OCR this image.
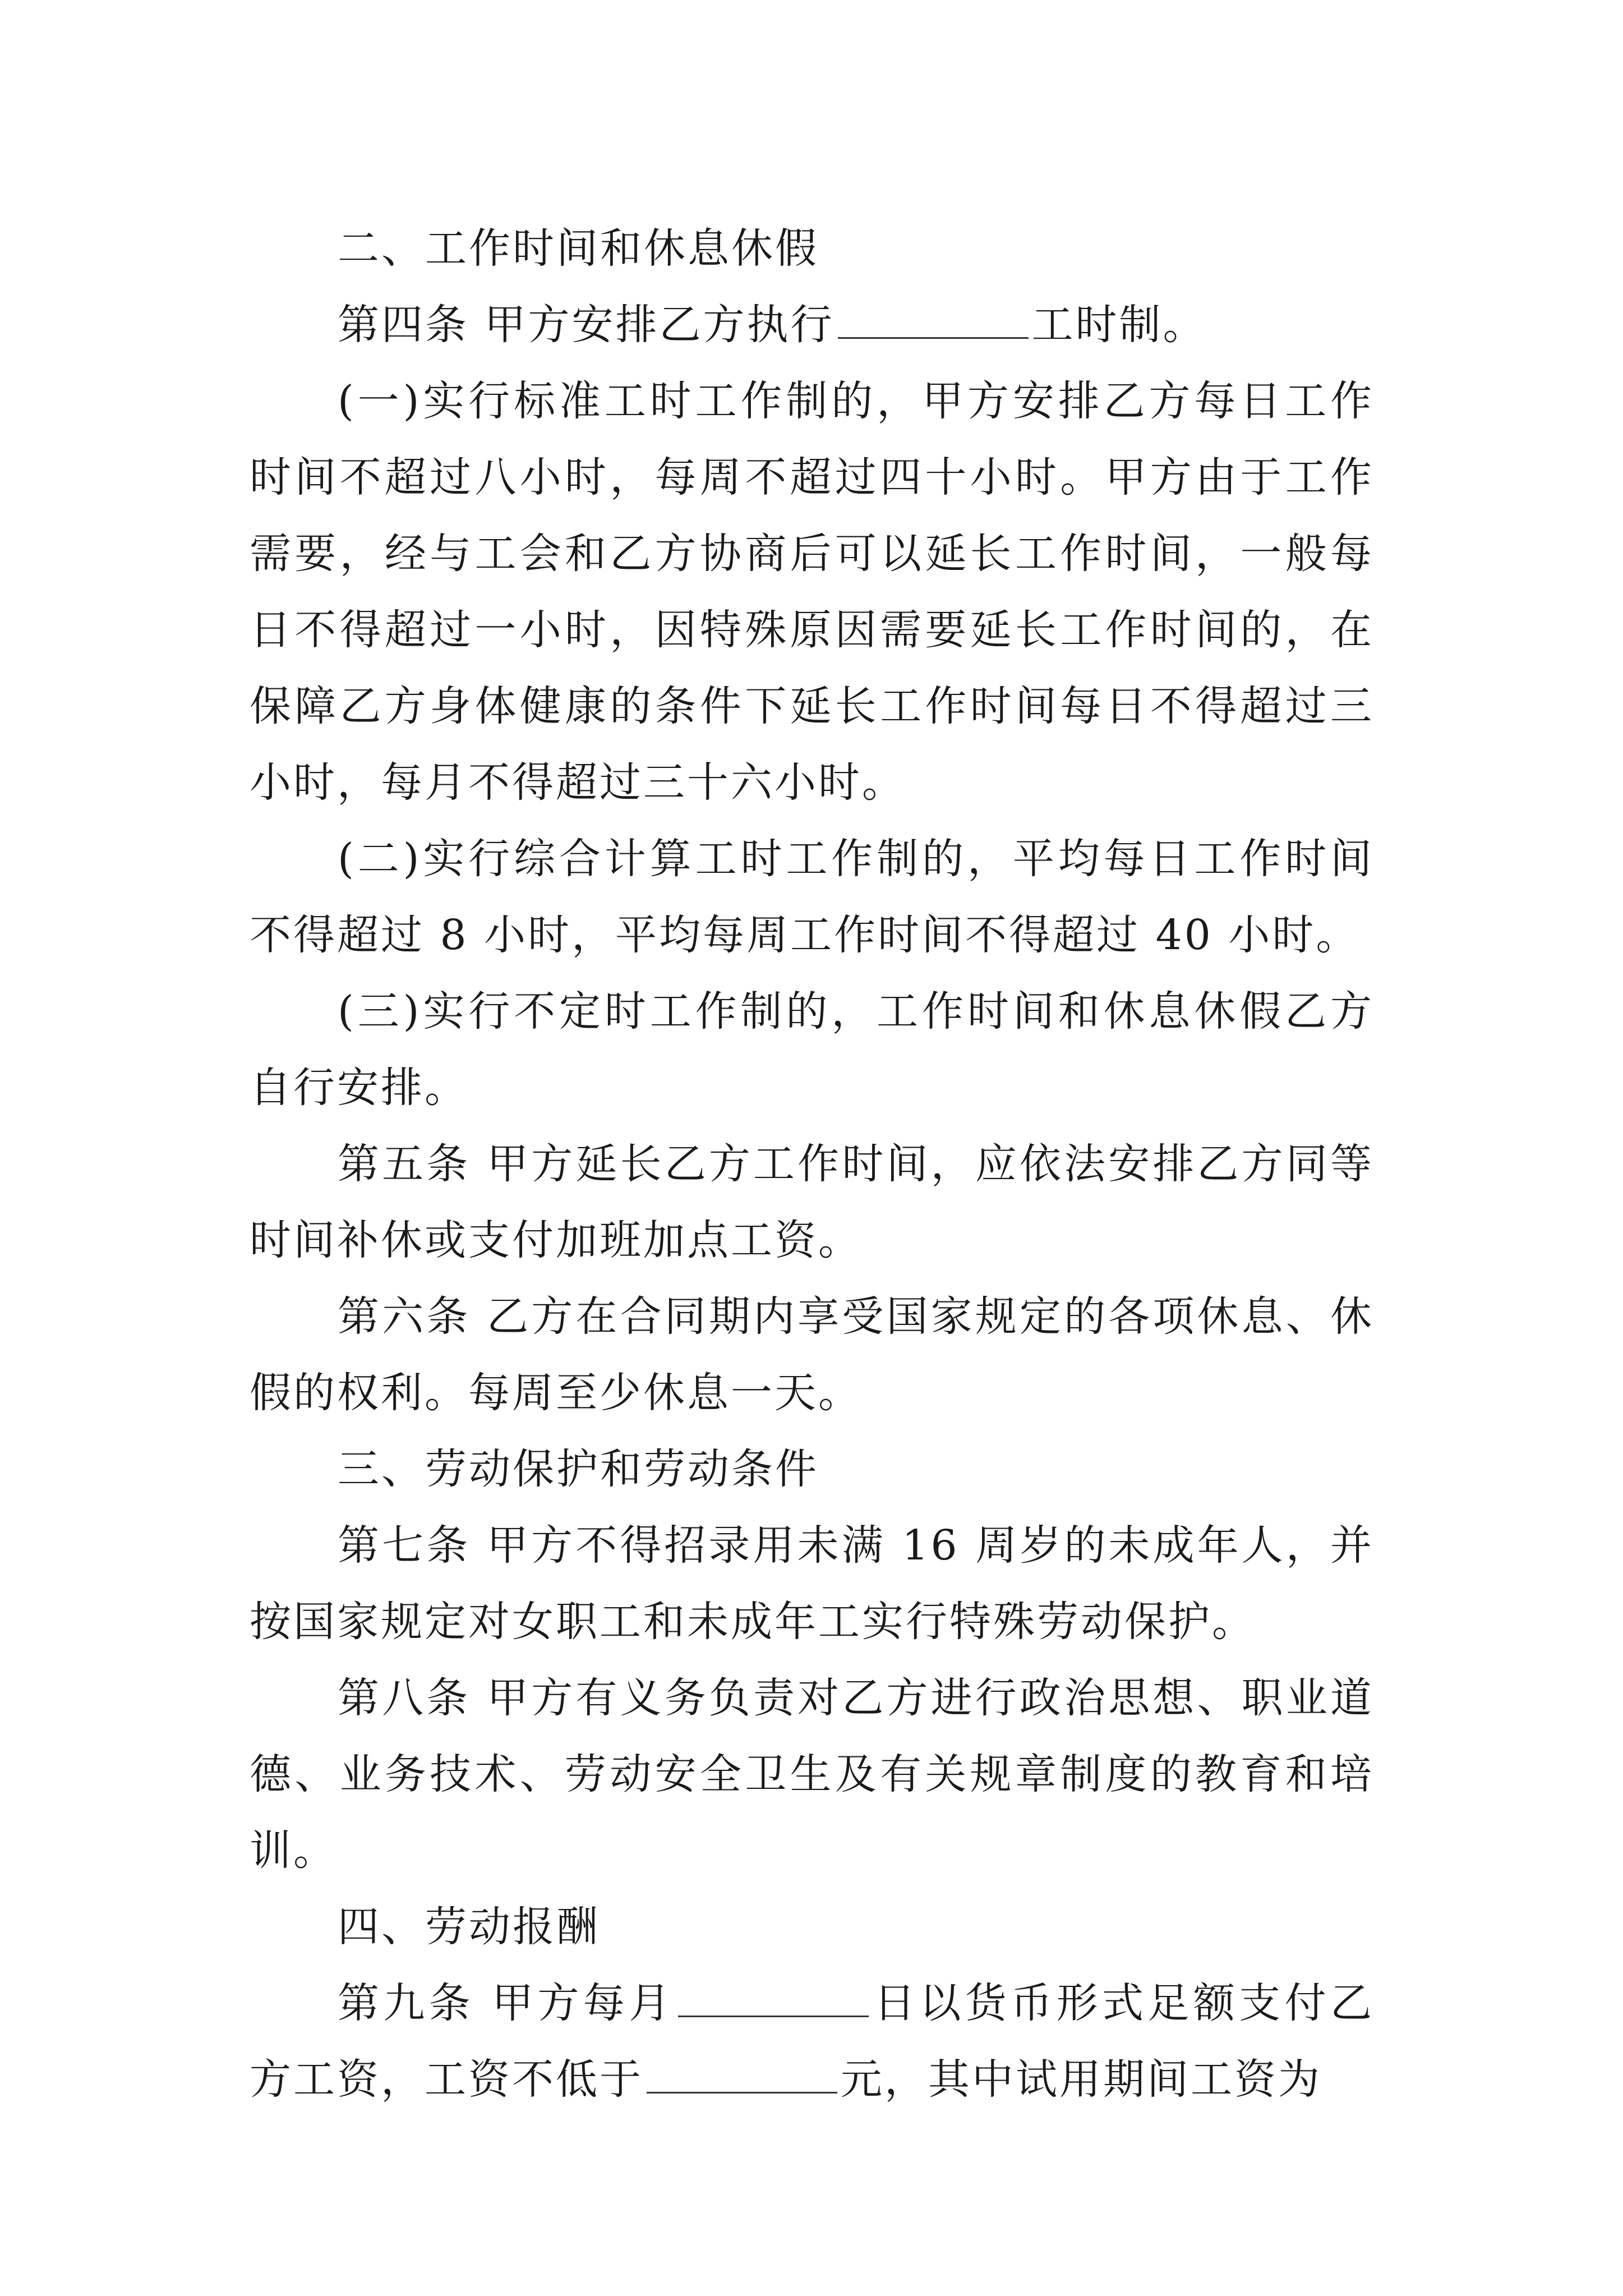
二、工作时间和休息休假

第四条 甲方安排乙方执行	工时制。

(一)实行标准工时工作制的，甲方安排乙方每日工作时间不超过八小时，每周不超过四十小时。甲方由于工作需要，经与工会和乙方协商后可以延长工作时间，一般每日不得超过一小时，因特殊原因需要延长工作时间的，在保障乙方身体健康的条件下延长工作时间每日不得超过三小时，每月不得超过三十六小时。

(二)实行综合计算工时工作制的，平均每日工作时间不得超过 8 小时，平均每周工作时间不得超过 40 小时。

(三)实行不定时工作制的，工作时间和休息休假乙方自行安排。

第五条 甲方延长乙方工作时间，应依法安排乙方同等时间补休或支付加班加点工资。

第六条 乙方在合同期内享受国家规定的各项休息、休假的权利。每周至少休息一天。

三、劳动保护和劳动条件

第七条 甲方不得招录用未满 16 周岁的未成年人，并按国家规定对女职工和未成年工实行特殊劳动保护。

第八条 甲方有义务负责对乙方进行政治思想、职业道德、业务技术、劳动安全卫生及有关规章制度的教育和培训。

四、劳动报酬

第九条 甲方每月	日以货币形式足额支付乙方工资，工资不低于	元，其中试用期间工资为
